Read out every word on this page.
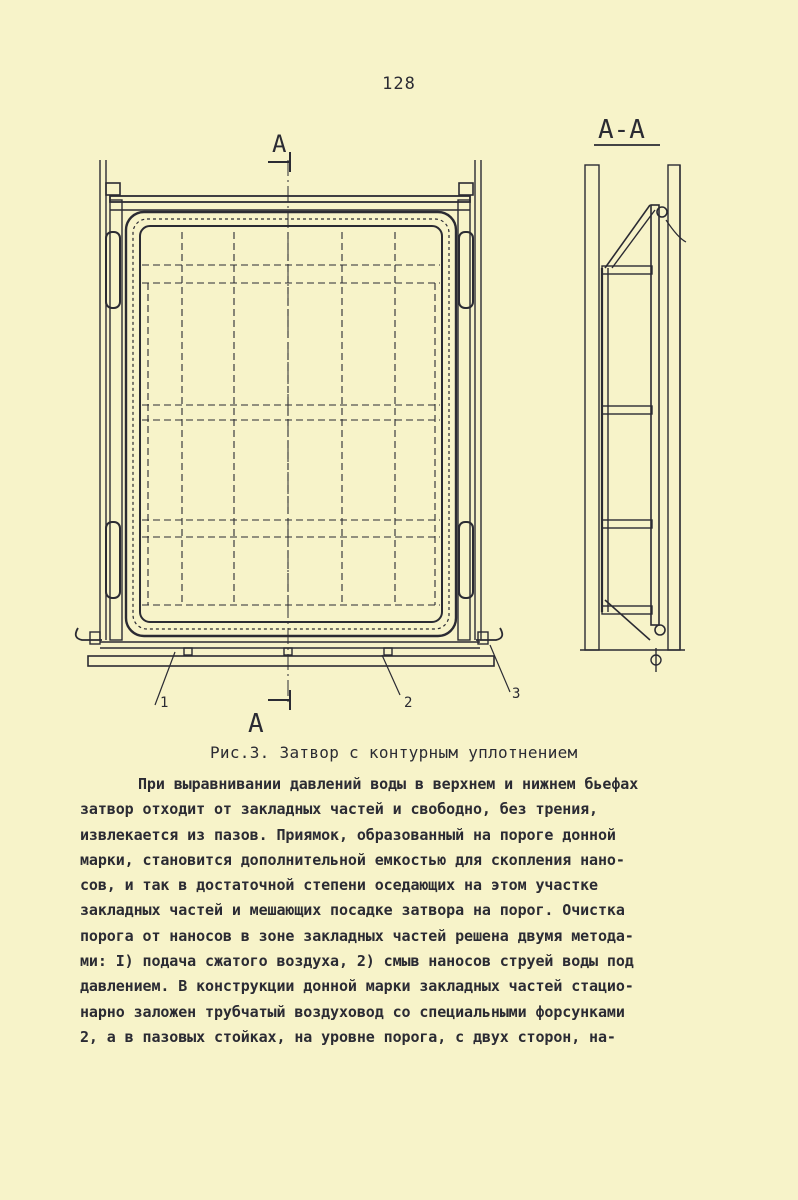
128
А
А
А-А
1	2
3
Рис.3. Затвор с контурным уплотнением
При выравнивании давлений воды в верхнем и нижнем бьефах
затвор отходит от закладных частей и свободно, без трения,
извлекается из пазов. Приямок, образованный на пороге донной
марки, становится дополнительной емкостью для скопления нано-
сов, и так в достаточной степени оседающих на этом участке
закладных частей и мешающих посадке затвора на порог. Очистка
порога от наносов в зоне закладных частей решена двумя метода-
ми: I) подача сжатого воздуха, 2) смыв наносов струей воды под
давлением. В конструкции донной марки закладных частей стацио-
нарно заложен трубчатый воздуховод со специальными форсунками
2, а в пазовых стойках, на уровне порога, с двух сторон, на-
